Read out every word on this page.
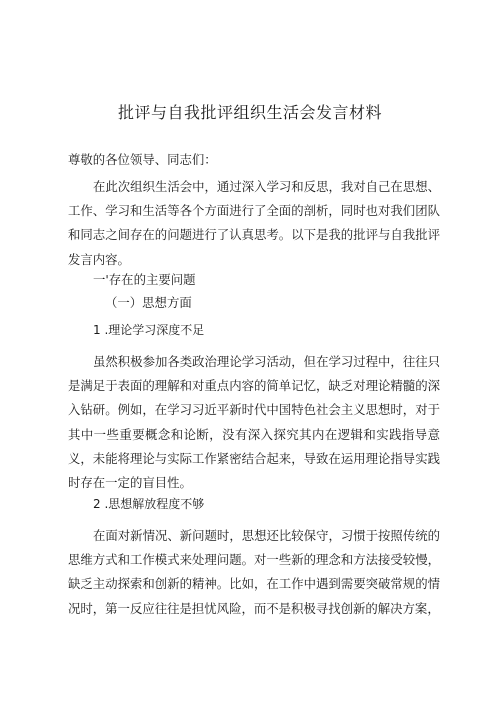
批评与自我批评组织生活会发言材料

尊敬的各位领导、同志们：

在此次组织生活会中，通过深入学习和反思，我对自己在思想、工作、学习和生活等各个方面进行了全面的剖析，同时也对我们团队和同志之间存在的问题进行了认真思考。以下是我的批评与自我批评发言内容。

一'存在的主要问题

（一）思想方面

1 .理论学习深度不足

虽然积极参加各类政治理论学习活动，但在学习过程中，往往只是满足于表面的理解和对重点内容的简单记忆，缺乏对理论精髓的深入钻研。例如，在学习习近平新时代中国特色社会主义思想时，对于其中一些重要概念和论断，没有深入探究其内在逻辑和实践指导意义，未能将理论与实际工作紧密结合起来，导致在运用理论指导实践时存在一定的盲目性。

2 .思想解放程度不够

在面对新情况、新问题时，思想还比较保守，习惯于按照传统的思维方式和工作模式来处理问题。对一些新的理念和方法接受较慢，缺乏主动探索和创新的精神。比如，在工作中遇到需要突破常规的情况时，第一反应往往是担忧风险，而不是积极寻找创新的解决方案，
